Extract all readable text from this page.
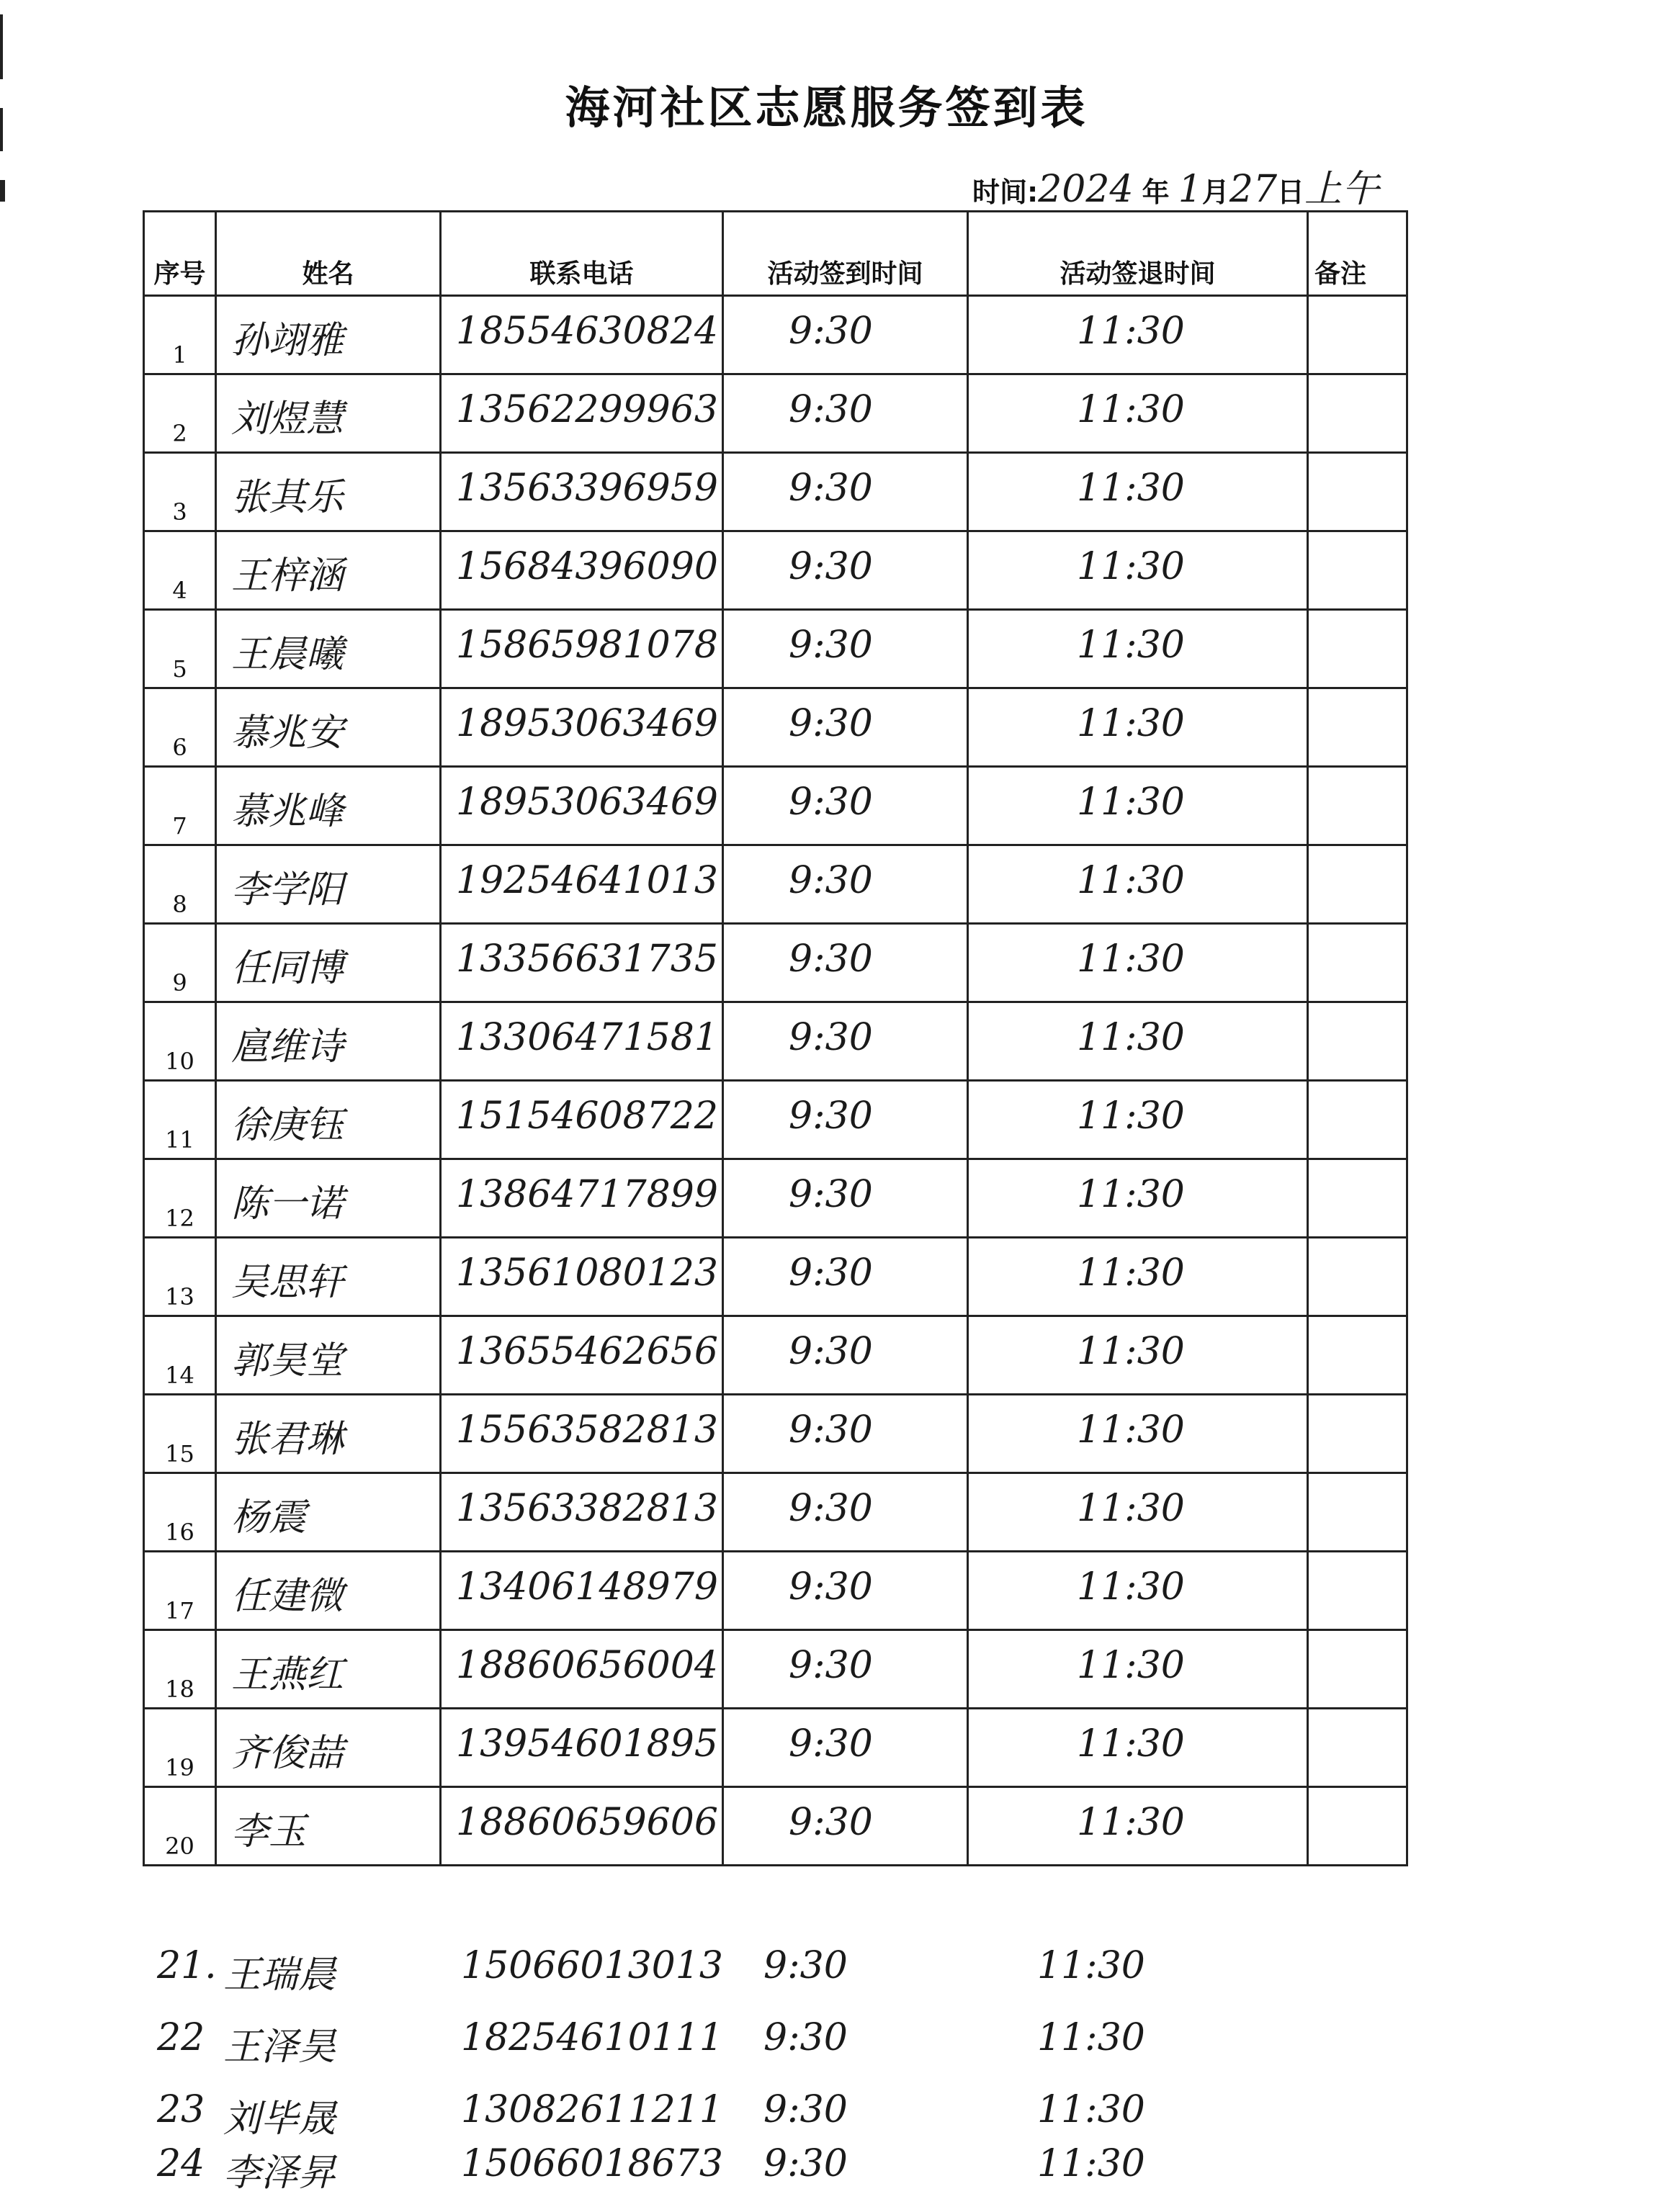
海河社区志愿服务签到表
时间:2024 年 1月27日上午
序号	姓名	联系电话	活动签到时间	活动签退时间	备注

1	孙翊雅	18554630824	9:30	11:30	

2	刘煜慧	13562299963	9:30	11:30	

3	张其乐	13563396959	9:30	11:30	

4	王梓涵	15684396090	9:30	11:30	

5	王晨曦	15865981078	9:30	11:30	

6	慕兆安	18953063469	9:30	11:30	

7	慕兆峰	18953063469	9:30	11:30	

8	李学阳	19254641013	9:30	11:30	

9	任同博	13356631735	9:30	11:30	

10	扈维诗	13306471581	9:30	11:30	

11	徐庚钰	15154608722	9:30	11:30	

12	陈一诺	13864717899	9:30	11:30	

13	吴思轩	13561080123	9:30	11:30	

14	郭昊堂	13655462656	9:30	11:30	

15	张君琳	15563582813	9:30	11:30	

16	杨震	13563382813	9:30	11:30	

17	任建微	13406148979	9:30	11:30	

18	王燕红	18860656004	9:30	11:30	

19	齐俊喆	13954601895	9:30	11:30	

20	李玉	18860659606	9:30	11:30	

21. 王瑞晨	15066013013 9:30	11:30
22 王泽昊	18254610111 9:30	11:30
23 刘毕晟	13082611211 9:30	11:30
24 李泽昇	15066018673 9:30	11:30
